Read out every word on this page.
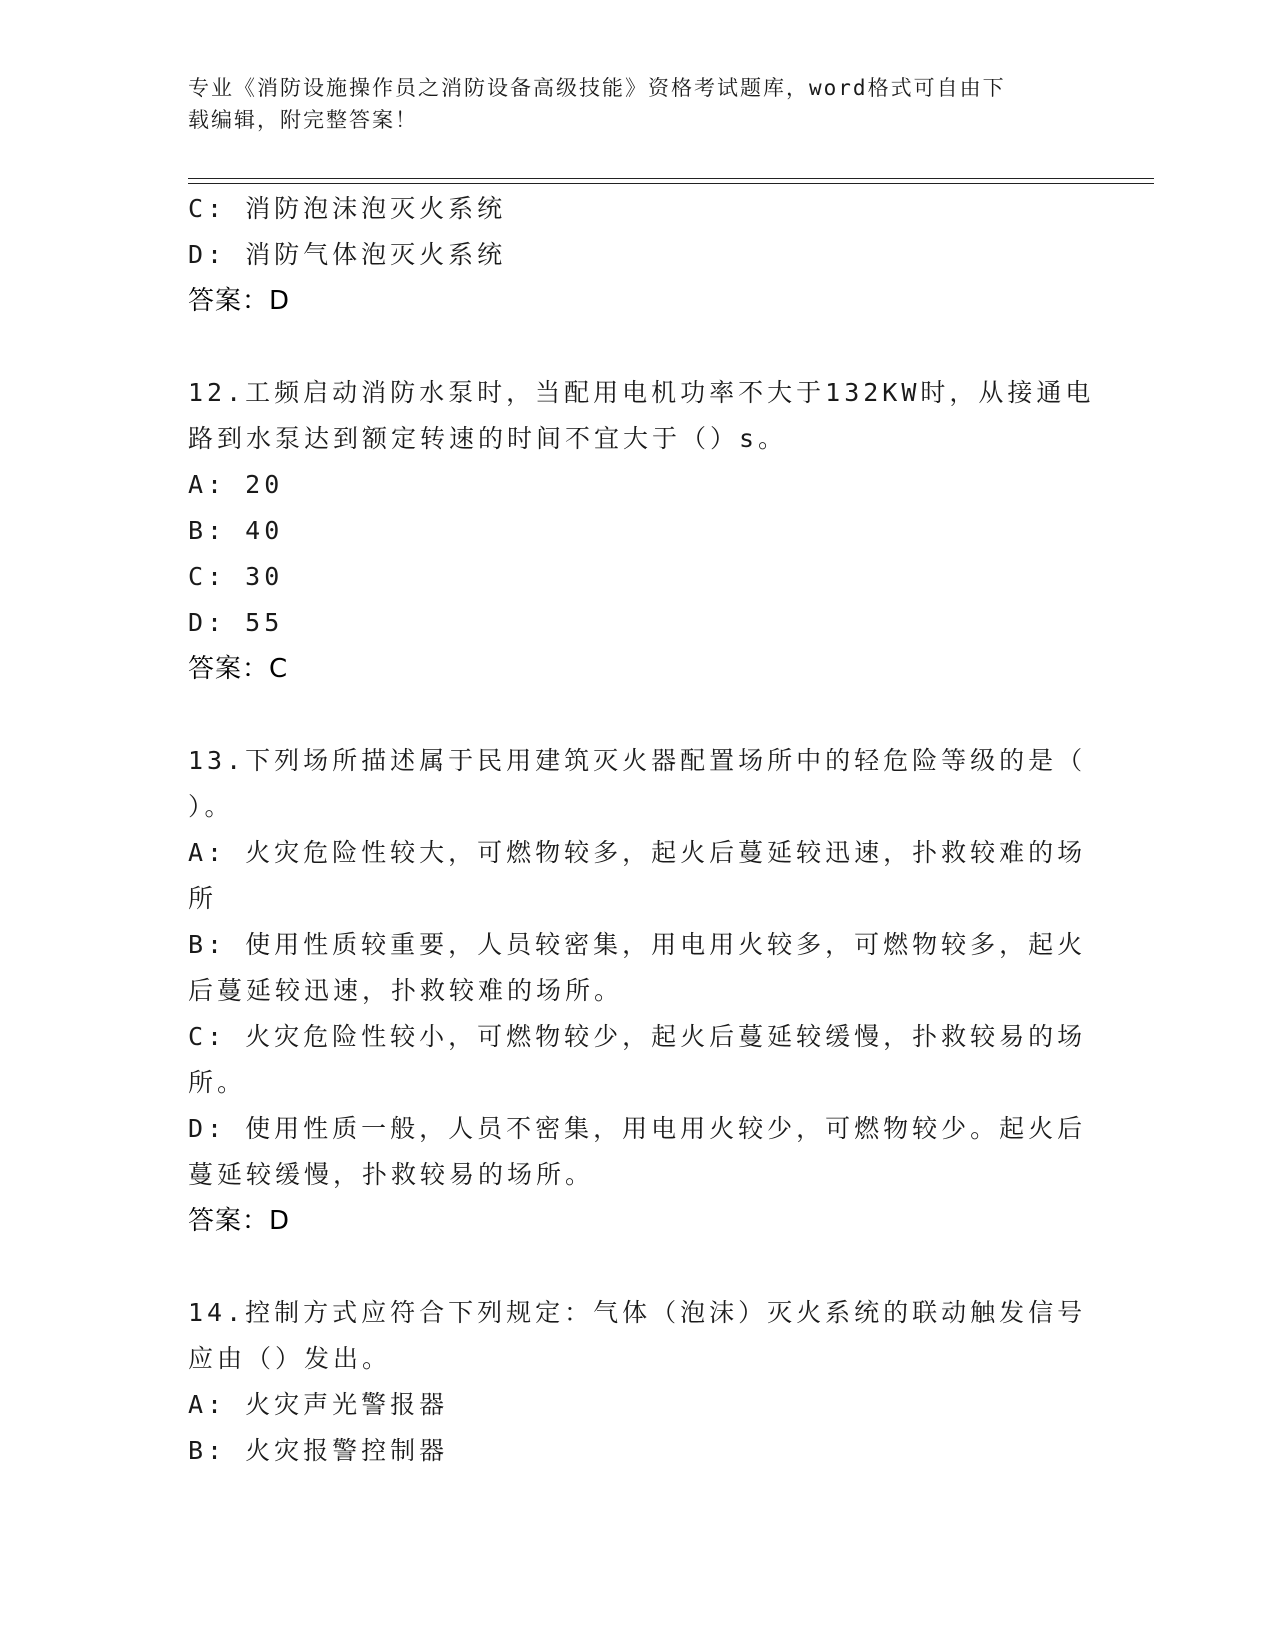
专业《消防设施操作员之消防设备高级技能》资格考试题库，word格式可自由下
载编辑，附完整答案！
C: 消防泡沫泡灭火系统
D: 消防气体泡灭火系统
答案：D
12.工频启动消防水泵时，当配用电机功率不大于132KW时，从接通电
路到水泵达到额定转速的时间不宜大于（）s。
A: 20
B: 40
C: 30
D: 55
答案：C
13.下列场所描述属于民用建筑灭火器配置场所中的轻危险等级的是（
）。
A: 火灾危险性较大，可燃物较多，起火后蔓延较迅速，扑救较难的场
所
B: 使用性质较重要，人员较密集，用电用火较多，可燃物较多，起火
后蔓延较迅速，扑救较难的场所。
C: 火灾危险性较小，可燃物较少，起火后蔓延较缓慢，扑救较易的场
所。
D: 使用性质一般，人员不密集，用电用火较少，可燃物较少。起火后
蔓延较缓慢，扑救较易的场所。
答案：D
14.控制方式应符合下列规定：气体（泡沫）灭火系统的联动触发信号
应由（）发出。
A: 火灾声光警报器
B: 火灾报警控制器
